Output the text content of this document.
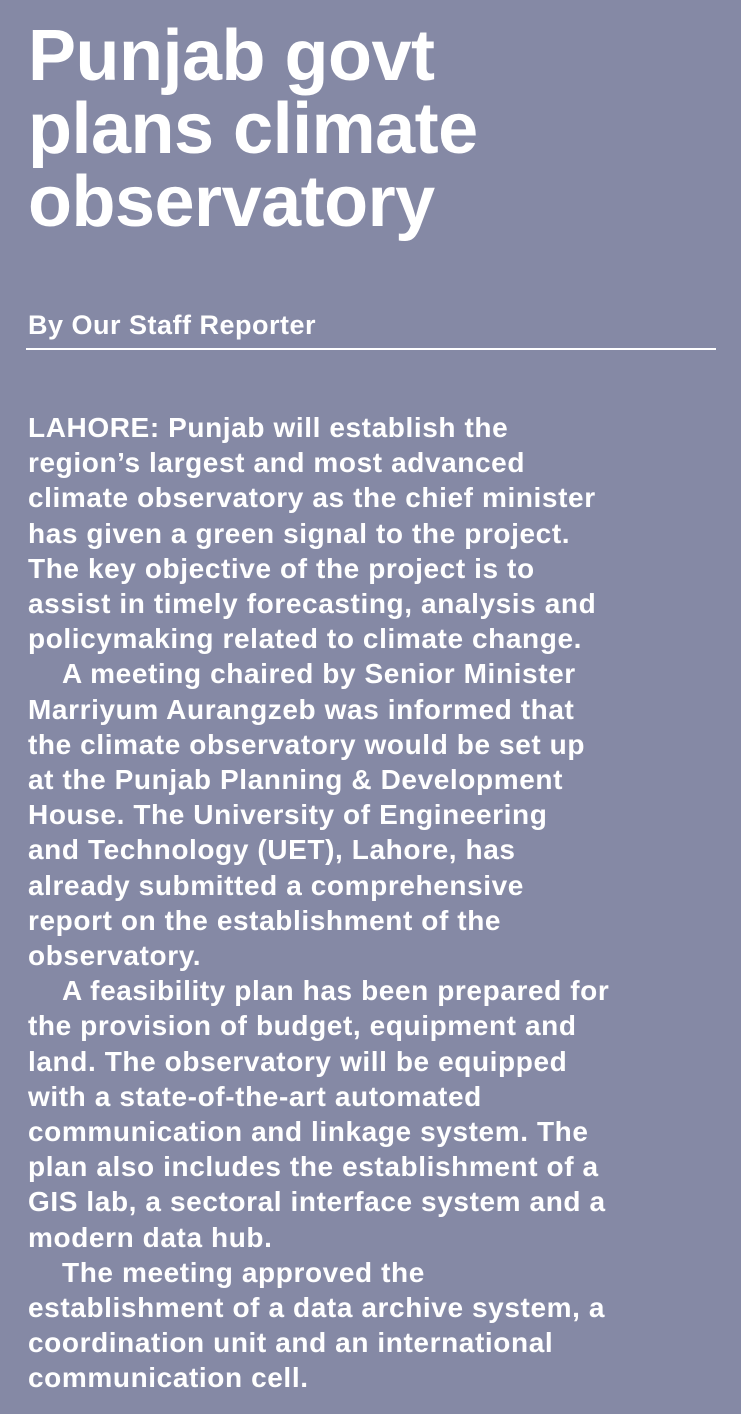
Punjab govt
plans climate
observatory
By Our Staff Reporter
LAHORE: Punjab will establish the
region’s largest and most advanced
climate observatory as the chief minister
has given a green signal to the project.
The key objective of the project is to
assist in timely forecasting, analysis and
policymaking related to climate change.
A meeting chaired by Senior Minister
Marriyum Aurangzeb was informed that
the climate observatory would be set up
at the Punjab Planning & Development
House. The University of Engineering
and Technology (UET), Lahore, has
already submitted a comprehensive
report on the establishment of the
observatory.
A feasibility plan has been prepared for
the provision of budget, equipment and
land. The observatory will be equipped
with a state-of-the-art automated
communication and linkage system. The
plan also includes the establishment of a
GIS lab, a sectoral interface system and a
modern data hub.
The meeting approved the
establishment of a data archive system, a
coordination unit and an international
communication cell.
